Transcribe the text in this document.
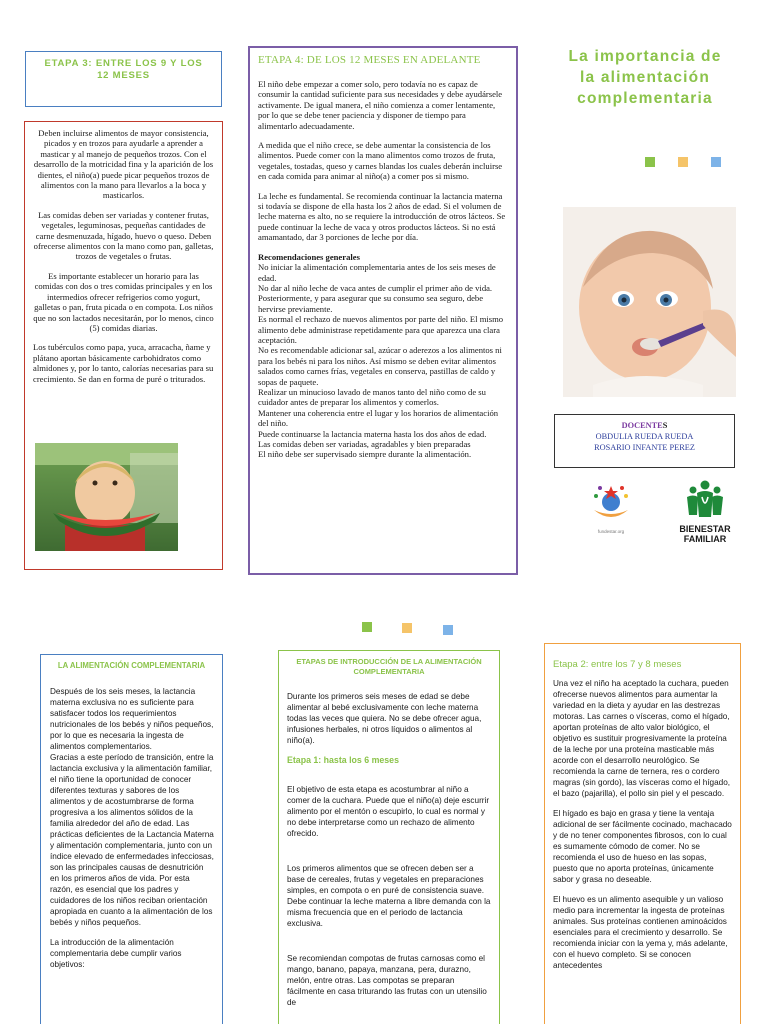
ETAPA 3: ENTRE LOS 9 Y LOS 12 MESES

Deben incluirse alimentos de mayor consistencia, picados y en trozos para ayudarle a aprender a masticar y al manejo de pequeños trozos. Con el desarrollo de la motricidad fina y la aparición de los dientes, el niño(a) puede picar pequeños trozos de alimentos con la mano para llevarlos a la boca y masticarlos.

Las comidas deben ser variadas y contener frutas, vegetales, leguminosas, pequeñas cantidades de carne desmenuzada, hígado, huevo o queso. Deben ofrecerse alimentos con la mano como pan, galletas, trozos de vegetales o frutas.

Es importante establecer un horario para las comidas con dos o tres comidas principales y en los intermedios ofrecer refrigerios como yogurt, galletas o pan, fruta picada o en compota. Los niños que no son lactados necesitarán, por lo menos, cinco (5) comidas diarias.

Los tubérculos como papa, yuca, arracacha, ñame y plátano aportan básicamente carbohidratos como almidones y, por lo tanto, calorías necesarias para su crecimiento. Se dan en forma de puré o triturados.

ETAPA 4: DE LOS 12 MESES EN ADELANTE

El niño debe empezar a comer solo, pero todavía no es capaz de consumir la cantidad suficiente para sus necesidades y debe ayudársele activamente. De igual manera, el niño comienza a comer lentamente, por lo que se debe tener paciencia y disponer de tiempo para alimentarlo adecuadamente.

A medida que el niño crece, se debe aumentar la consistencia de los alimentos. Puede comer con la mano alimentos como trozos de fruta, vegetales, tostadas, queso y carnes blandas los cuales deberán incluirse en cada comida para animar al niño(a) a comer pos si mismo.

La leche es fundamental. Se recomienda continuar la lactancia materna si todavía se dispone de ella hasta los 2 años de edad. Si el volumen de leche materna es alto, no se requiere la introducción de otros lácteos. Se puede continuar la leche de vaca y otros productos lácteos. Si no está amamantado, dar 3 porciones de leche por día.

Recomendaciones generales

No iniciar la alimentación complementaria antes de los seis meses de edad.

No dar al niño leche de vaca antes de cumplir el primer año de vida. Posteriormente, y para asegurar que su consumo sea seguro, debe hervirse previamente.

Es normal el rechazo de nuevos alimentos por parte del niño. El mismo alimento debe administrase repetidamente para que aparezca una clara aceptación.

No es recomendable adicionar sal, azúcar o aderezos a los alimentos ni para los bebés ni para los niños. Así mismo se deben evitar alimentos salados como carnes frías, vegetales en conserva, pastillas de caldo y sopas de paquete.

Realizar un minucioso lavado de manos tanto del niño como de su cuidador antes de preparar los alimentos y comerlos.

Mantener una coherencia entre el lugar y los horarios de alimentación del niño.

Puede continuarse la lactancia materna hasta los dos años de edad.

Las comidas deben ser variadas, agradables y bien preparadas

El niño debe ser supervisado siempre durante la alimentación.

La importancia de
la alimentación
complementaria
DOCENTES
OBDULIA RUEDA RUEDA
ROSARIO INFANTE PEREZ
fundestar.org	BIENESTAR
FAMILIAR
LA ALIMENTACIÓN COMPLEMENTARIA

Después de los seis meses, la lactancia materna exclusiva no es suficiente para satisfacer todos los requerimientos nutricionales de los bebés y niños pequeños, por lo que es necesaria la ingesta de alimentos complementarios.

Gracias a este período de transición, entre la lactancia exclusiva y la alimentación familiar, el niño tiene la oportunidad de conocer diferentes texturas y sabores de los alimentos y de acostumbrarse de forma progresiva a los alimentos sólidos de la familia alrededor del año de edad. Las prácticas deficientes de la Lactancia Materna y alimentación complementaria, junto con un índice elevado de enfermedades infecciosas, son las principales causas de desnutrición en los primeros años de vida. Por esta razón, es esencial que los padres y cuidadores de los niños reciban orientación apropiada en cuanto a la alimentación de los bebés y niños pequeños.

La introducción de la alimentación complementaria debe cumplir varios objetivos:

ETAPAS DE INTRODUCCIÓN DE LA ALIMENTACIÓN COMPLEMENTARIA

Durante los primeros seis meses de edad se debe alimentar al bebé exclusivamente con leche materna todas las veces que quiera. No se debe ofrecer agua, infusiones herbales, ni otros líquidos o alimentos al niño(a).

Etapa 1: hasta los 6 meses

El objetivo de esta etapa es acostumbrar al niño a comer de la cuchara. Puede que el niño(a) deje escurrir alimento por el mentón o escupirlo, lo cual es normal y no debe interpretarse como un rechazo de alimento ofrecido.

Los primeros alimentos que se ofrecen deben ser a base de cereales, frutas y vegetales en preparaciones simples, en compota o en puré de consistencia suave. Debe continuar la leche materna a libre demanda con la misma frecuencia que en el periodo de lactancia exclusiva.

Se recomiendan compotas de frutas carnosas como el mango, banano, papaya, manzana, pera, durazno, melón, entre otras. Las compotas se preparan fácilmente en casa triturando las frutas con un utensilio de

Etapa 2: entre los 7 y 8 meses

Una vez el niño ha aceptado la cuchara, pueden ofrecerse nuevos alimentos para aumentar la variedad en la dieta y ayudar en las destrezas motoras. Las carnes o vísceras, como el hígado, aportan proteínas de alto valor biológico, el objetivo es sustituir progresivamente la proteína de la leche por una proteína masticable más acorde con el desarrollo neurológico. Se recomienda la carne de ternera, res o cordero magras (sin gordo), las vísceras como el hígado, el bazo (pajarilla), el pollo sin piel y el pescado.

El hígado es bajo en grasa y tiene la ventaja adicional de ser fácilmente cocinado, machacado y de no tener componentes fibrosos, con lo cual es sumamente cómodo de comer. No se recomienda el uso de hueso en las sopas, puesto que no aporta proteínas, únicamente sabor y grasa no deseable.

El huevo es un alimento asequible y un valioso medio para incrementar la ingesta de proteínas animales. Sus proteínas contienen aminoácidos esenciales para el crecimiento y desarrollo. Se recomienda iniciar con la yema y, más adelante, con el huevo completo. Si se conocen antecedentes
